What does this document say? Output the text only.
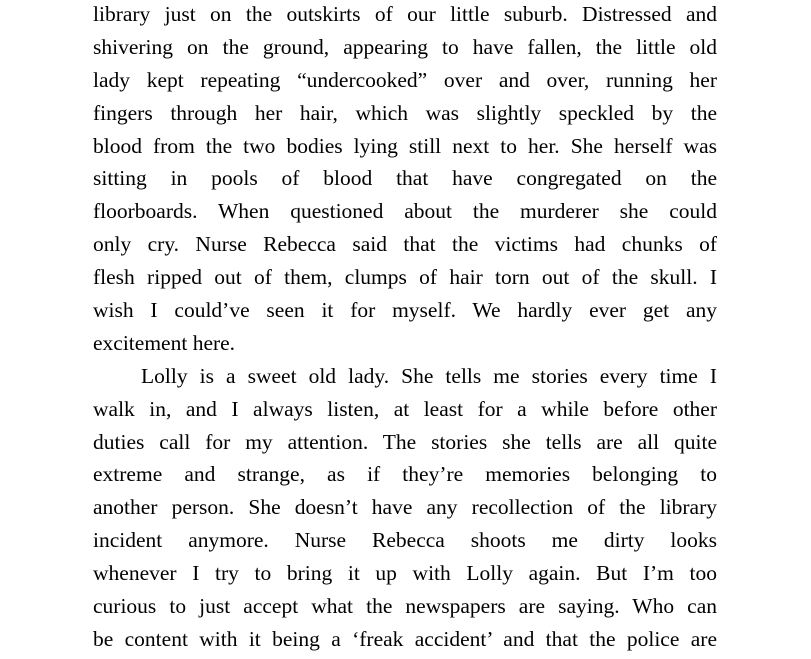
library just on the outskirts of our little suburb. Distressed and
shivering on the ground, appearing to have fallen, the little old
lady kept repeating “undercooked” over and over, running her
fingers through her hair, which was slightly speckled by the
blood from the two bodies lying still next to her. She herself was
sitting in pools of blood that have congregated on the
floorboards. When questioned about the murderer she could
only cry. Nurse Rebecca said that the victims had chunks of
flesh ripped out of them, clumps of hair torn out of the skull. I
wish I could’ve seen it for myself. We hardly ever get any
excitement here.
Lolly is a sweet old lady. She tells me stories every time I
walk in, and I always listen, at least for a while before other
duties call for my attention. The stories she tells are all quite
extreme and strange, as if they’re memories belonging to
another person. She doesn’t have any recollection of the library
incident anymore. Nurse Rebecca shoots me dirty looks
whenever I try to bring it up with Lolly again. But I’m too
curious to just accept what the newspapers are saying. Who can
be content with it being a ‘freak accident’ and that the police are
